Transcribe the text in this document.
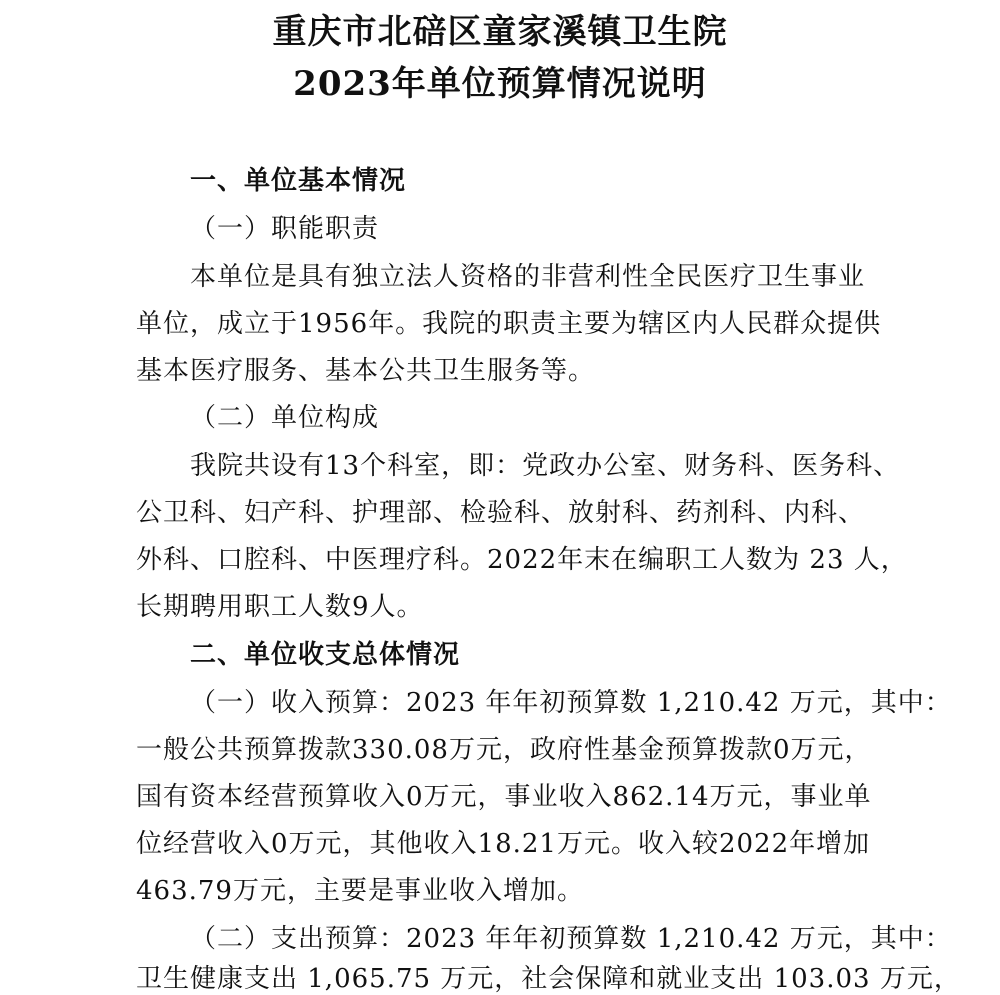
重庆市北碚区童家溪镇卫生院
2023年单位预算情况说明
一、单位基本情况
（一）职能职责
本单位是具有独立法人资格的非营利性全民医疗卫生事业
单位，成立于1956年。我院的职责主要为辖区内人民群众提供
基本医疗服务、基本公共卫生服务等。
（二）单位构成
我院共设有13个科室，即：党政办公室、财务科、医务科、
公卫科、妇产科、护理部、检验科、放射科、药剂科、内科、
外科、口腔科、中医理疗科。2022年末在编职工人数为 23 人，
长期聘用职工人数9人。
二、单位收支总体情况
（一）收入预算：2023 年年初预算数 1,210.42 万元，其中：
一般公共预算拨款330.08万元，政府性基金预算拨款0万元，
国有资本经营预算收入0万元，事业收入862.14万元，事业单
位经营收入0万元，其他收入18.21万元。收入较2022年增加
463.79万元，主要是事业收入增加。
（二）支出预算：2023 年年初预算数 1,210.42 万元，其中：
卫生健康支出 1,065.75 万元，社会保障和就业支出 103.03 万元，
